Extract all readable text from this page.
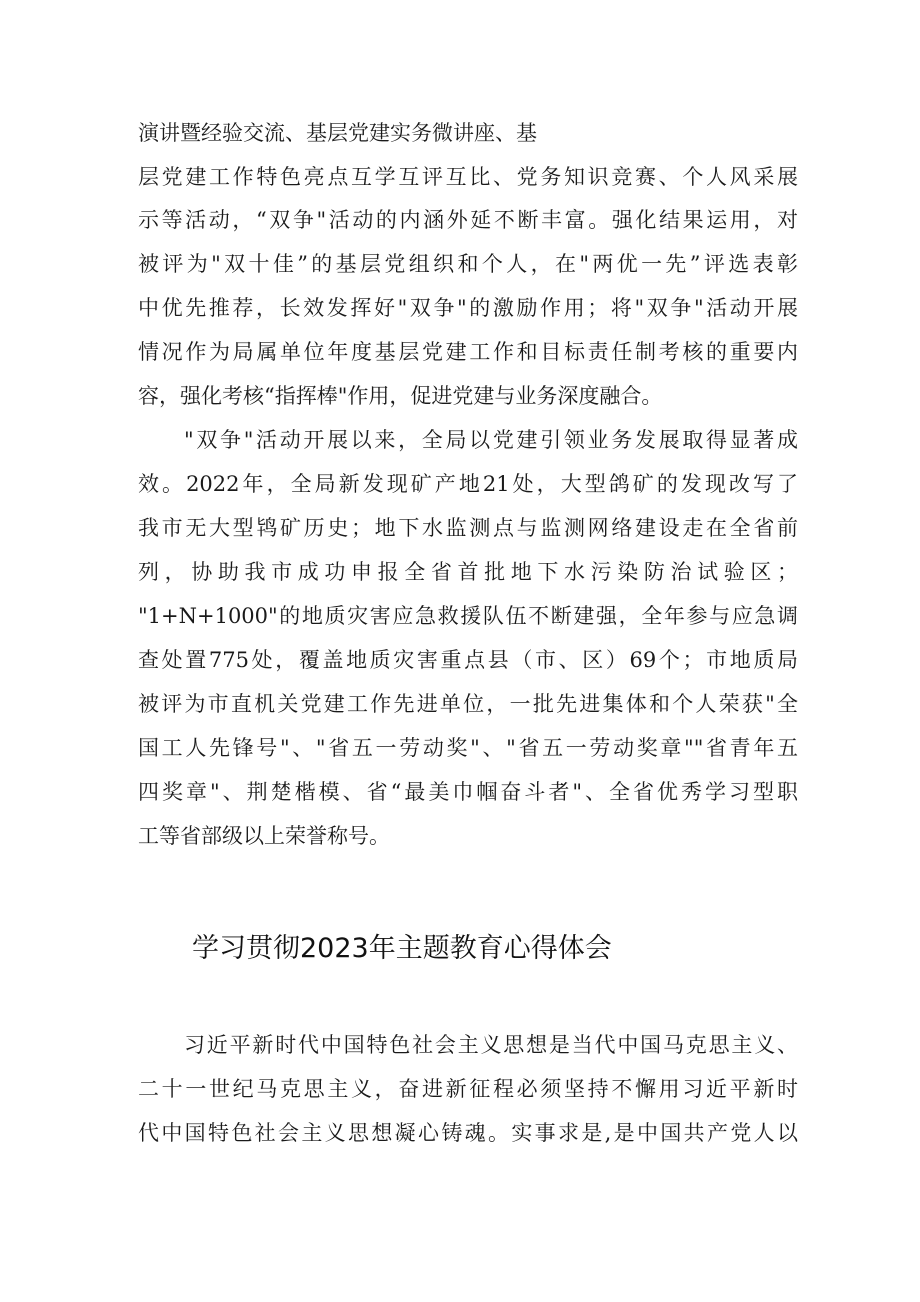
演讲暨经验交流、基层党建实务微讲座、基
层党建工作特色亮点互学互评互比、党务知识竞赛、个人风采展
示等活动，“双争"活动的内涵外延不断丰富。强化结果运用，对
被评为"双十佳”的基层党组织和个人，在"两优一先”评选表彰
中优先推荐，长效发挥好"双争"的激励作用；将"双争"活动开展
情况作为局属单位年度基层党建工作和目标责任制考核的重要内
容，强化考核“指挥棒"作用，促进党建与业务深度融合。
"双争"活动开展以来，全局以党建引领业务发展取得显著成
效。2022年，全局新发现矿产地21处，大型鸽矿的发现改写了
我市无大型鸨矿历史；地下水监测点与监测网络建设走在全省前
列，协助我市成功申报全省首批地下水污染防治试验区；
"1+N+1000"的地质灾害应急救援队伍不断建强，全年参与应急调
查处置775处，覆盖地质灾害重点县（市、区）69个；市地质局
被评为市直机关党建工作先进单位，一批先进集体和个人荣获"全
国工人先锋号"、"省五一劳动奖"、"省五一劳动奖章""省青年五
四奖章"、荆楚楷模、省“最美巾帼奋斗者"、全省优秀学习型职
工等省部级以上荣誉称号。
学习贯彻2023年主题教育心得体会
习近平新时代中国特色社会主义思想是当代中国马克思主义、
二十一世纪马克思主义，奋进新征程必须坚持不懈用习近平新时
代中国特色社会主义思想凝心铸魂。实事求是,是中国共产党人以
